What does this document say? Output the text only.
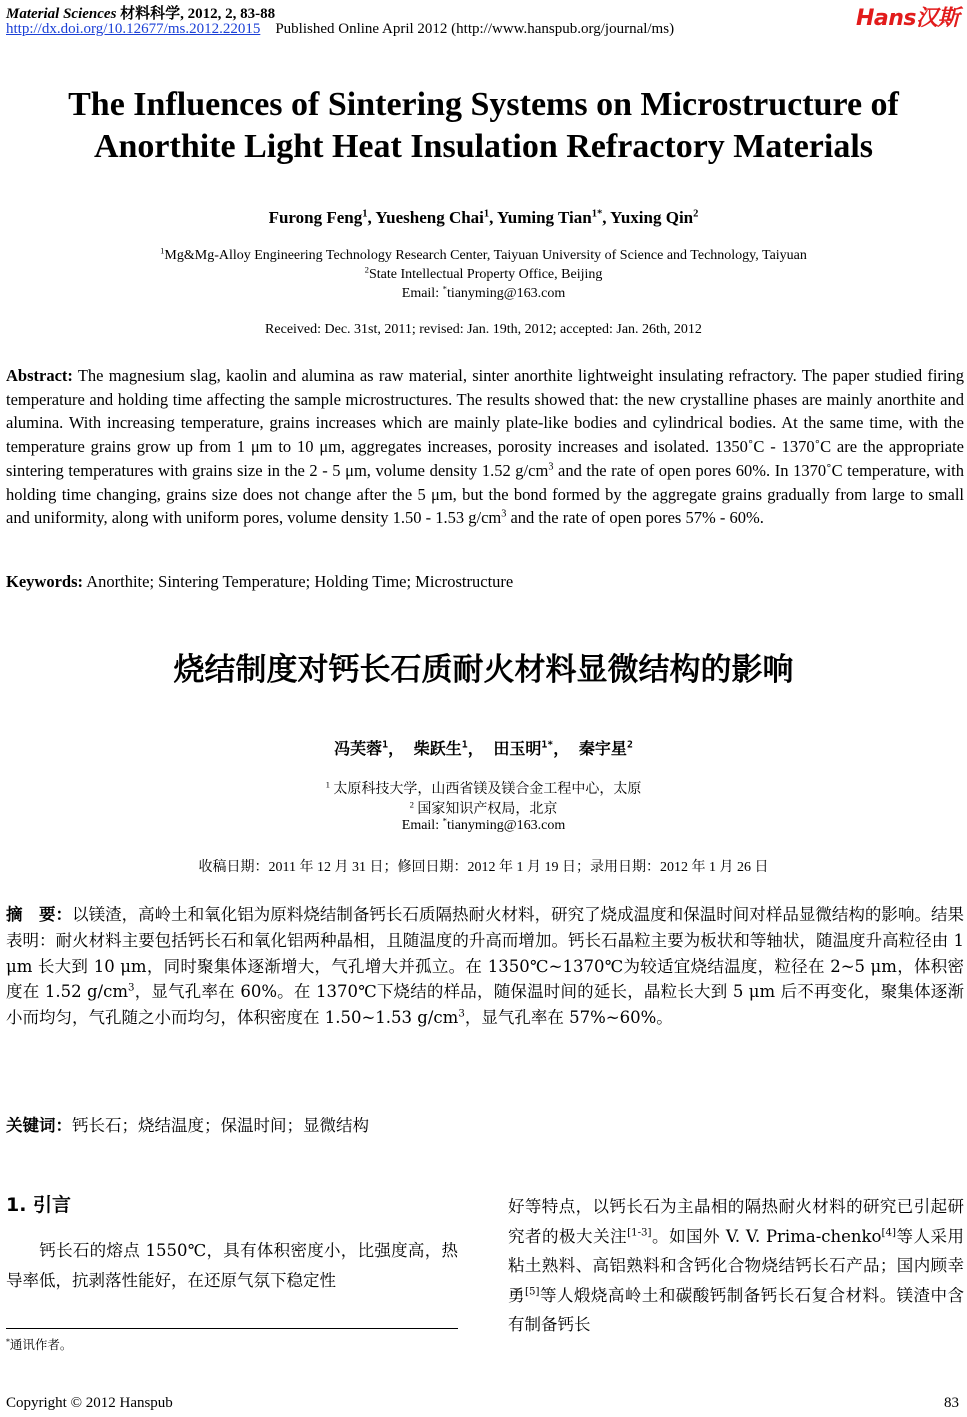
Material Sciences 材料科学, 2012, 2, 83-88
http://dx.doi.org/10.12677/ms.2012.22015 Published Online April 2012 (http://www.hanspub.org/journal/ms)	Hans汉斯
The Influences of Sintering Systems on Microstructure of
Anorthite Light Heat Insulation Refractory Materials
Furong Feng$^1$, Yuesheng Chai$^1$, Yuming Tian$^{1*}$, Yuxing Qin$^2$
$^1$Mg&Mg-Alloy Engineering Technology Research Center, Taiyuan University of Science and Technology, Taiyuan
$^2$State Intellectual Property Office, Beijing
Email: *tianyming@163.com
Received: Dec. 31st, 2011; revised: Jan. 19th, 2012; accepted: Jan. 26th, 2012
Abstract: The magnesium slag, kaolin and alumina as raw material, sinter anorthite lightweight insulating refractory. The paper studied firing temperature and holding time affecting the sample microstructures. The results showed that: the new crystalline phases are mainly anorthite and alumina. With increasing temperature, grains increases which are mainly plate-like bodies and cylindrical bodies. At the same time, with the temperature grains grow up from 1 μm to 10 μm, aggregates increases, porosity increases and isolated. 1350˚C - 1370˚C are the appropriate sintering temperatures with grains size in the 2 - 5 μm, volume density 1.52 $g/cm^3$ and the rate of open pores 60%. In 1370˚C temperature, with holding time changing, grains size does not change after the 5 μm, but the bond formed by the aggregate grains gradually from large to small and uniformity, along with uniform pores, volume density 1.50 - 1.53 $g/cm^3$ and the rate of open pores 57% - 60%.
Keywords: Anorthite; Sintering Temperature; Holding Time; Microstructure
烧结制度对钙长石质耐火材料显微结构的影响
冯芙蓉$^1$， 柴跃生$^1$， 田玉明$^{1*}$， 秦宇星$^2$
$^1$ 太原科技大学，山西省镁及镁合金工程中心，太原
$^2$ 国家知识产权局，北京
Email: *tianyming@163.com
收稿日期：2011 年 12 月 31 日；修回日期：2012 年 1 月 19 日；录用日期：2012 年 1 月 26 日
摘　要：以镁渣，高岭土和氧化铝为原料烧结制备钙长石质隔热耐火材料，研究了烧成温度和保温时间对样品显微结构的影响。结果表明：耐火材料主要包括钙长石和氧化铝两种晶相，且随温度的升高而增加。钙长石晶粒主要为板状和等轴状，随温度升高粒径由 1 μm 长大到 10 μm，同时聚集体逐渐增大，气孔增大并孤立。在 1350℃~1370℃为较适宜烧结温度，粒径在 2~5 μm，体积密度在 1.52 $g/cm^3$，显气孔率在 60%。在 1370℃下烧结的样品，随保温时间的延长，晶粒长大到 5 μm 后不再变化，聚集体逐渐小而均匀，气孔随之小而均匀，体积密度在 1.50~1.53 $g/cm^3$，显气孔率在 57%~60%。
关键词：钙长石；烧结温度；保温时间；显微结构
1. 引言
钙长石的熔点 1550℃，具有体积密度小，比强度高，热导率低，抗剥落性能好，在还原气氛下稳定性
好等特点，以钙长石为主晶相的隔热耐火材料的研究已引起研究者的极大关注[1-3]。如国外 V. V. Prima-chenko[4]等人采用粘土熟料、高铝熟料和含钙化合物烧结钙长石产品；国内顾幸勇[5]等人煅烧高岭土和碳酸钙制备钙长石复合材料。镁渣中含有制备钙长
*通讯作者。
Copyright © 2012 Hanspub	83
